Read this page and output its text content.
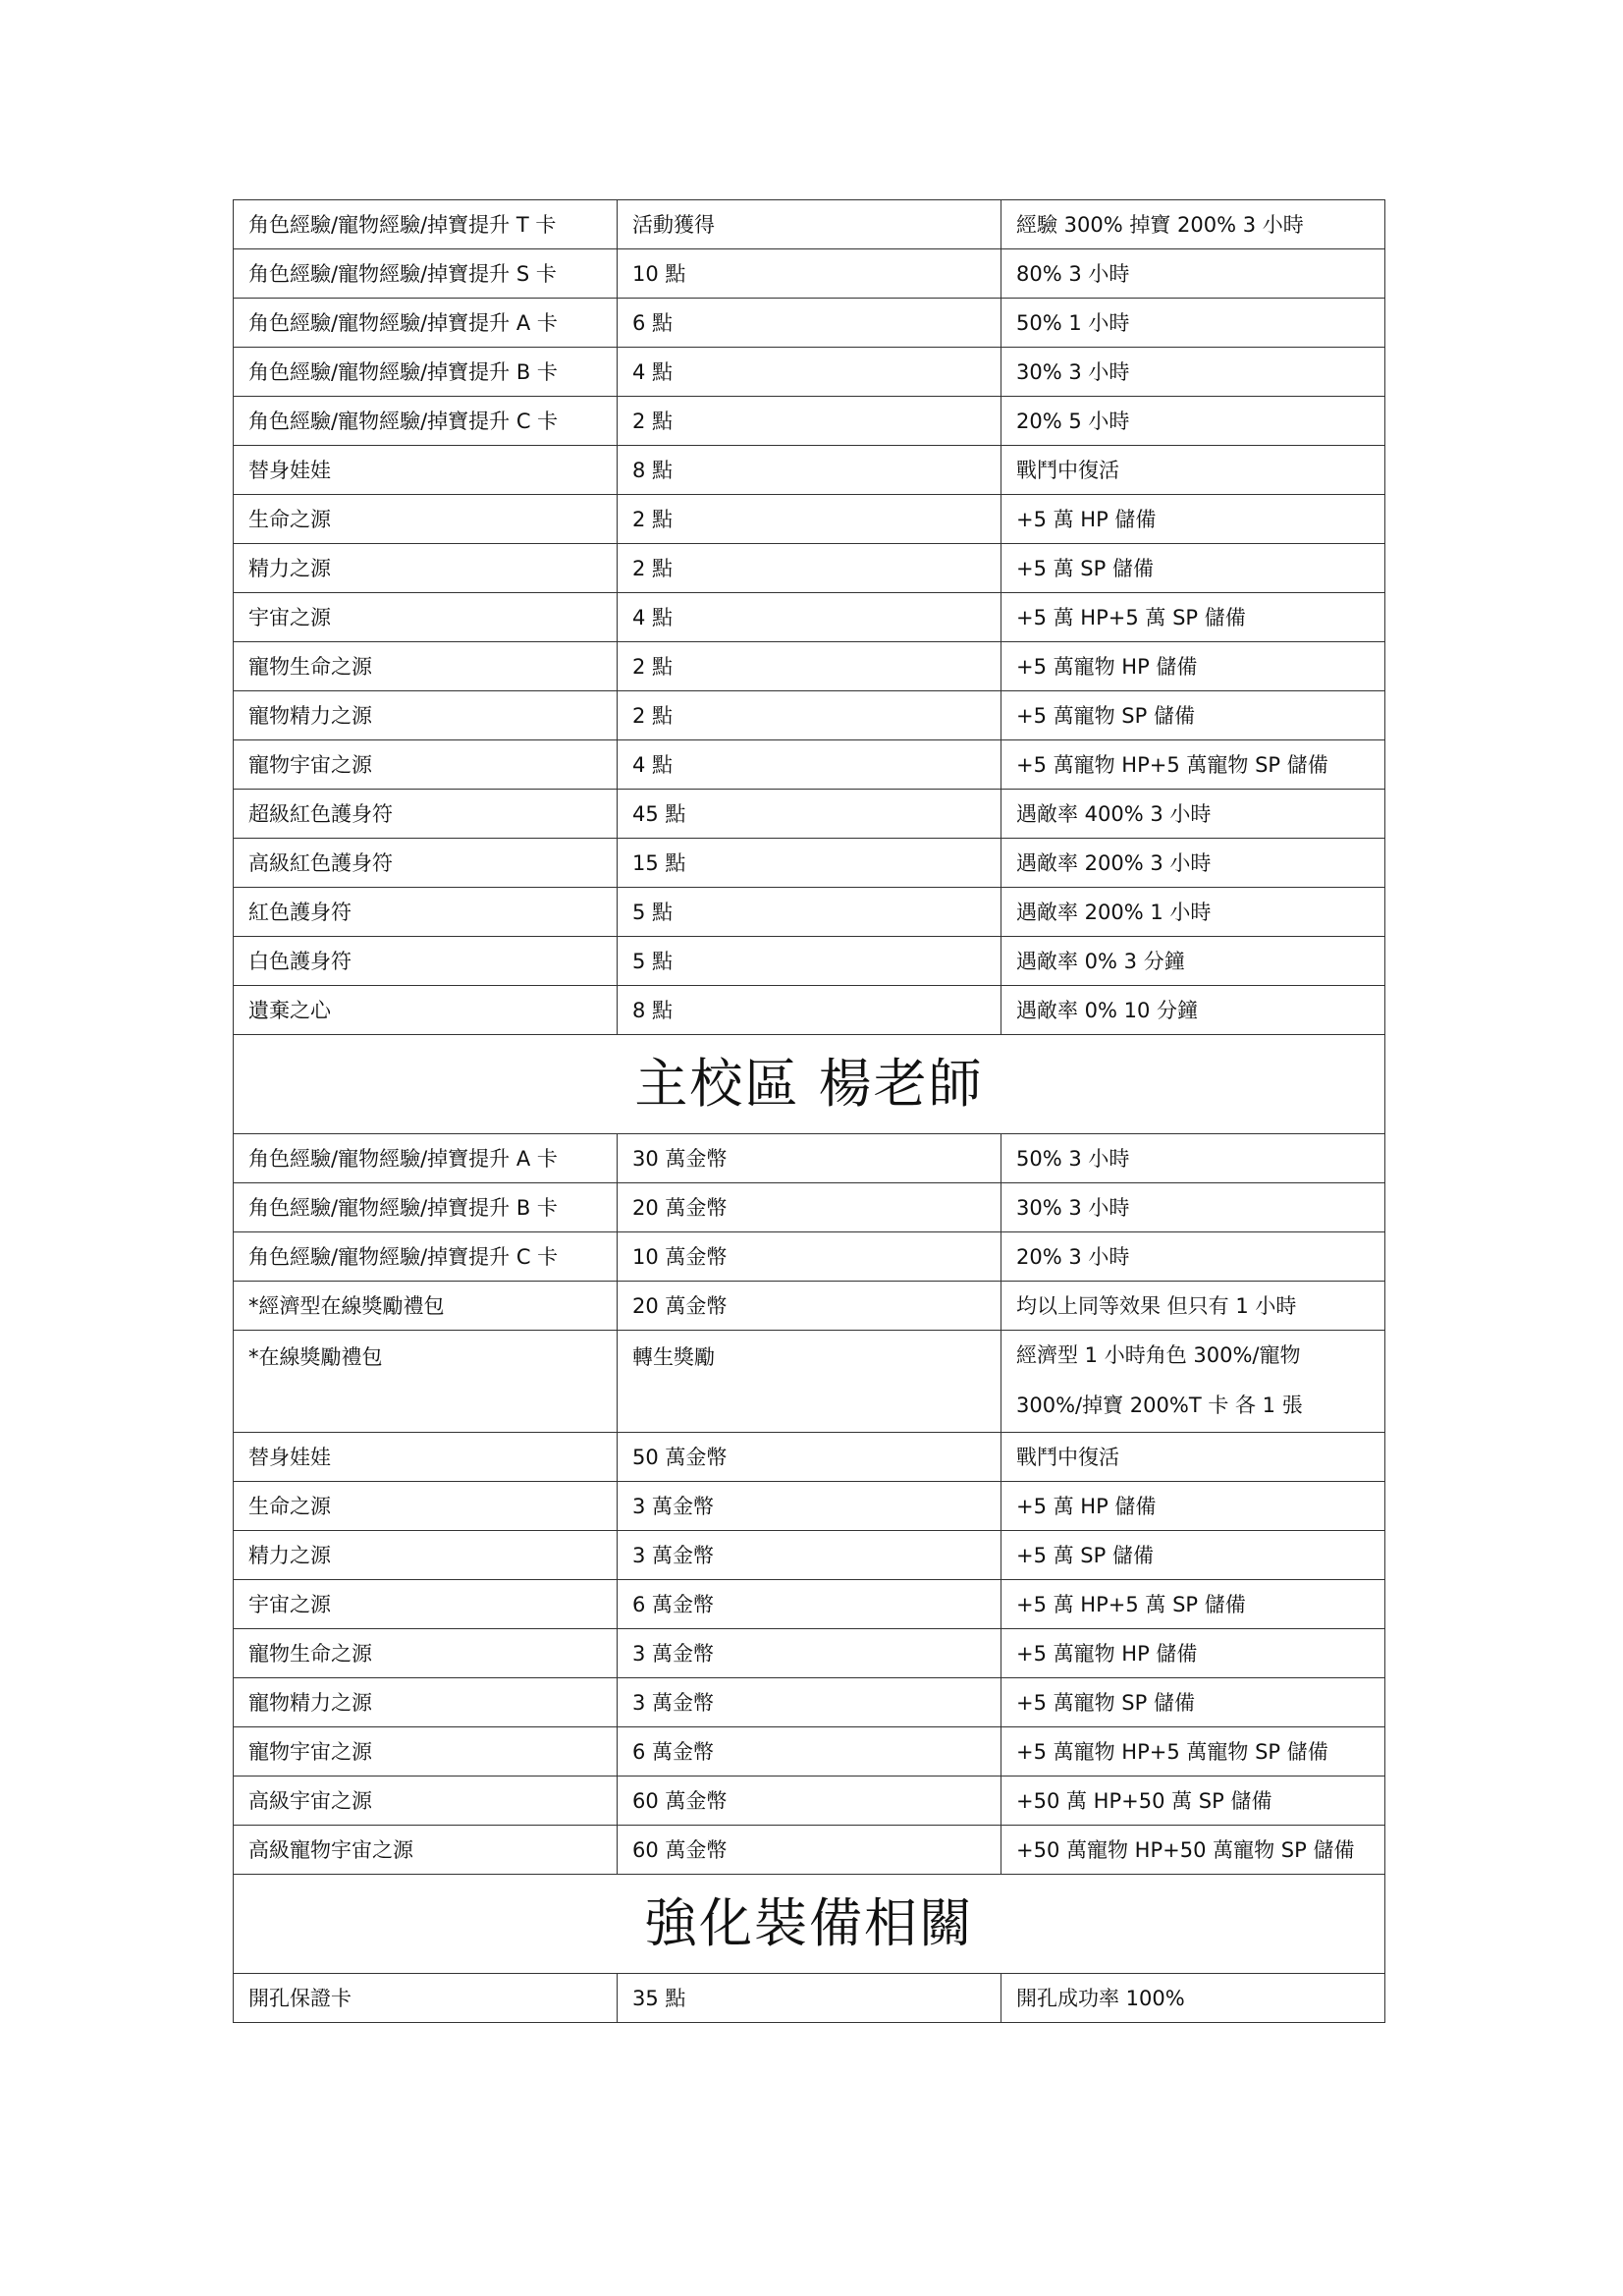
角色經驗/寵物經驗/掉寶提升 T 卡	活動獲得	經驗 300% 掉寶 200% 3 小時
角色經驗/寵物經驗/掉寶提升 S 卡	10 點	80% 3 小時
角色經驗/寵物經驗/掉寶提升 A 卡	6 點	50% 1 小時
角色經驗/寵物經驗/掉寶提升 B 卡	4 點	30% 3 小時
角色經驗/寵物經驗/掉寶提升 C 卡	2 點	20% 5 小時
替身娃娃	8 點	戰鬥中復活
生命之源	2 點	+5 萬 HP 儲備
精力之源	2 點	+5 萬 SP 儲備
宇宙之源	4 點	+5 萬 HP+5 萬 SP 儲備
寵物生命之源	2 點	+5 萬寵物 HP 儲備
寵物精力之源	2 點	+5 萬寵物 SP 儲備
寵物宇宙之源	4 點	+5 萬寵物 HP+5 萬寵物 SP 儲備
超級紅色護身符	45 點	遇敵率 400% 3 小時
高級紅色護身符	15 點	遇敵率 200% 3 小時
紅色護身符	5 點	遇敵率 200% 1 小時
白色護身符	5 點	遇敵率 0% 3 分鐘
遺棄之心	8 點	遇敵率 0% 10 分鐘
主校區 楊老師		
角色經驗/寵物經驗/掉寶提升 A 卡	30 萬金幣	50% 3 小時
角色經驗/寵物經驗/掉寶提升 B 卡	20 萬金幣	30% 3 小時
角色經驗/寵物經驗/掉寶提升 C 卡	10 萬金幣	20% 3 小時
*經濟型在線獎勵禮包	20 萬金幣	均以上同等效果 但只有 1 小時
*在線獎勵禮包	轉生獎勵	經濟型 1 小時角色 300%/寵物
300%/掉寶 200%T 卡 各 1 張

替身娃娃	50 萬金幣	戰鬥中復活
生命之源	3 萬金幣	+5 萬 HP 儲備
精力之源	3 萬金幣	+5 萬 SP 儲備
宇宙之源	6 萬金幣	+5 萬 HP+5 萬 SP 儲備
寵物生命之源	3 萬金幣	+5 萬寵物 HP 儲備
寵物精力之源	3 萬金幣	+5 萬寵物 SP 儲備
寵物宇宙之源	6 萬金幣	+5 萬寵物 HP+5 萬寵物 SP 儲備
高級宇宙之源	60 萬金幣	+50 萬 HP+50 萬 SP 儲備
高級寵物宇宙之源	60 萬金幣	+50 萬寵物 HP+50 萬寵物 SP 儲備
強化裝備相關		
開孔保證卡	35 點	開孔成功率 100%
